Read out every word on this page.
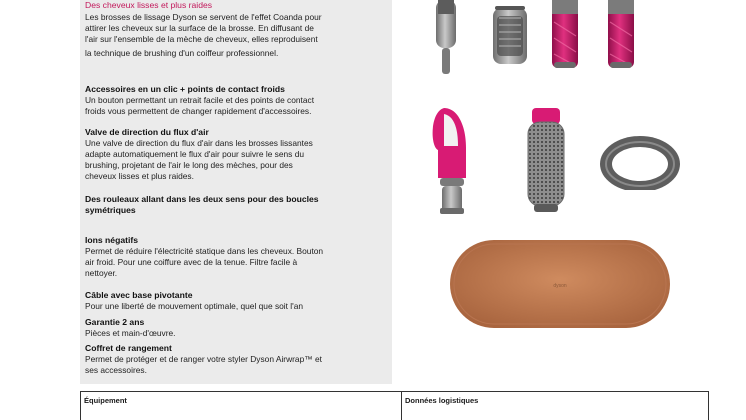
Des cheveux lisses et plus raides
Les brosses de lissage Dyson se servent de l'effet Coanda pour
attirer les cheveux sur la surface de la brosse. En diffusant de
l'air sur l'ensemble de la mèche de cheveux, elles reproduisent
la technique de brushing d'un coiffeur professionnel.
Accessoires en un clic + points de contact froids
Un bouton permettant un retrait facile et des points de contact
froids vous permettent de changer rapidement d'accessoires.
Valve de direction du flux d'air
Une valve de direction du flux d'air dans les brosses lissantes
adapte automatiquement le flux d'air pour suivre le sens du
brushing, projetant de l'air le long des mèches, pour des
cheveux lisses et plus raides.
Des rouleaux allant dans les deux sens pour des boucles
symétriques
Ions négatifs
Permet de réduire l'électricité statique dans les cheveux. Bouton
air froid. Pour une coiffure avec de la tenue. Filtre facile à
nettoyer.
Câble avec base pivotante
Pour une liberté de mouvement optimale, quel que soit l'an
Garantie 2 ans
Pièces et main-d'œuvre.
Coffret de rangement
Permet de protéger et de ranger votre styler Dyson Airwrap™ et
ses accessoires.
dyson
Équipement	Données logistiques
